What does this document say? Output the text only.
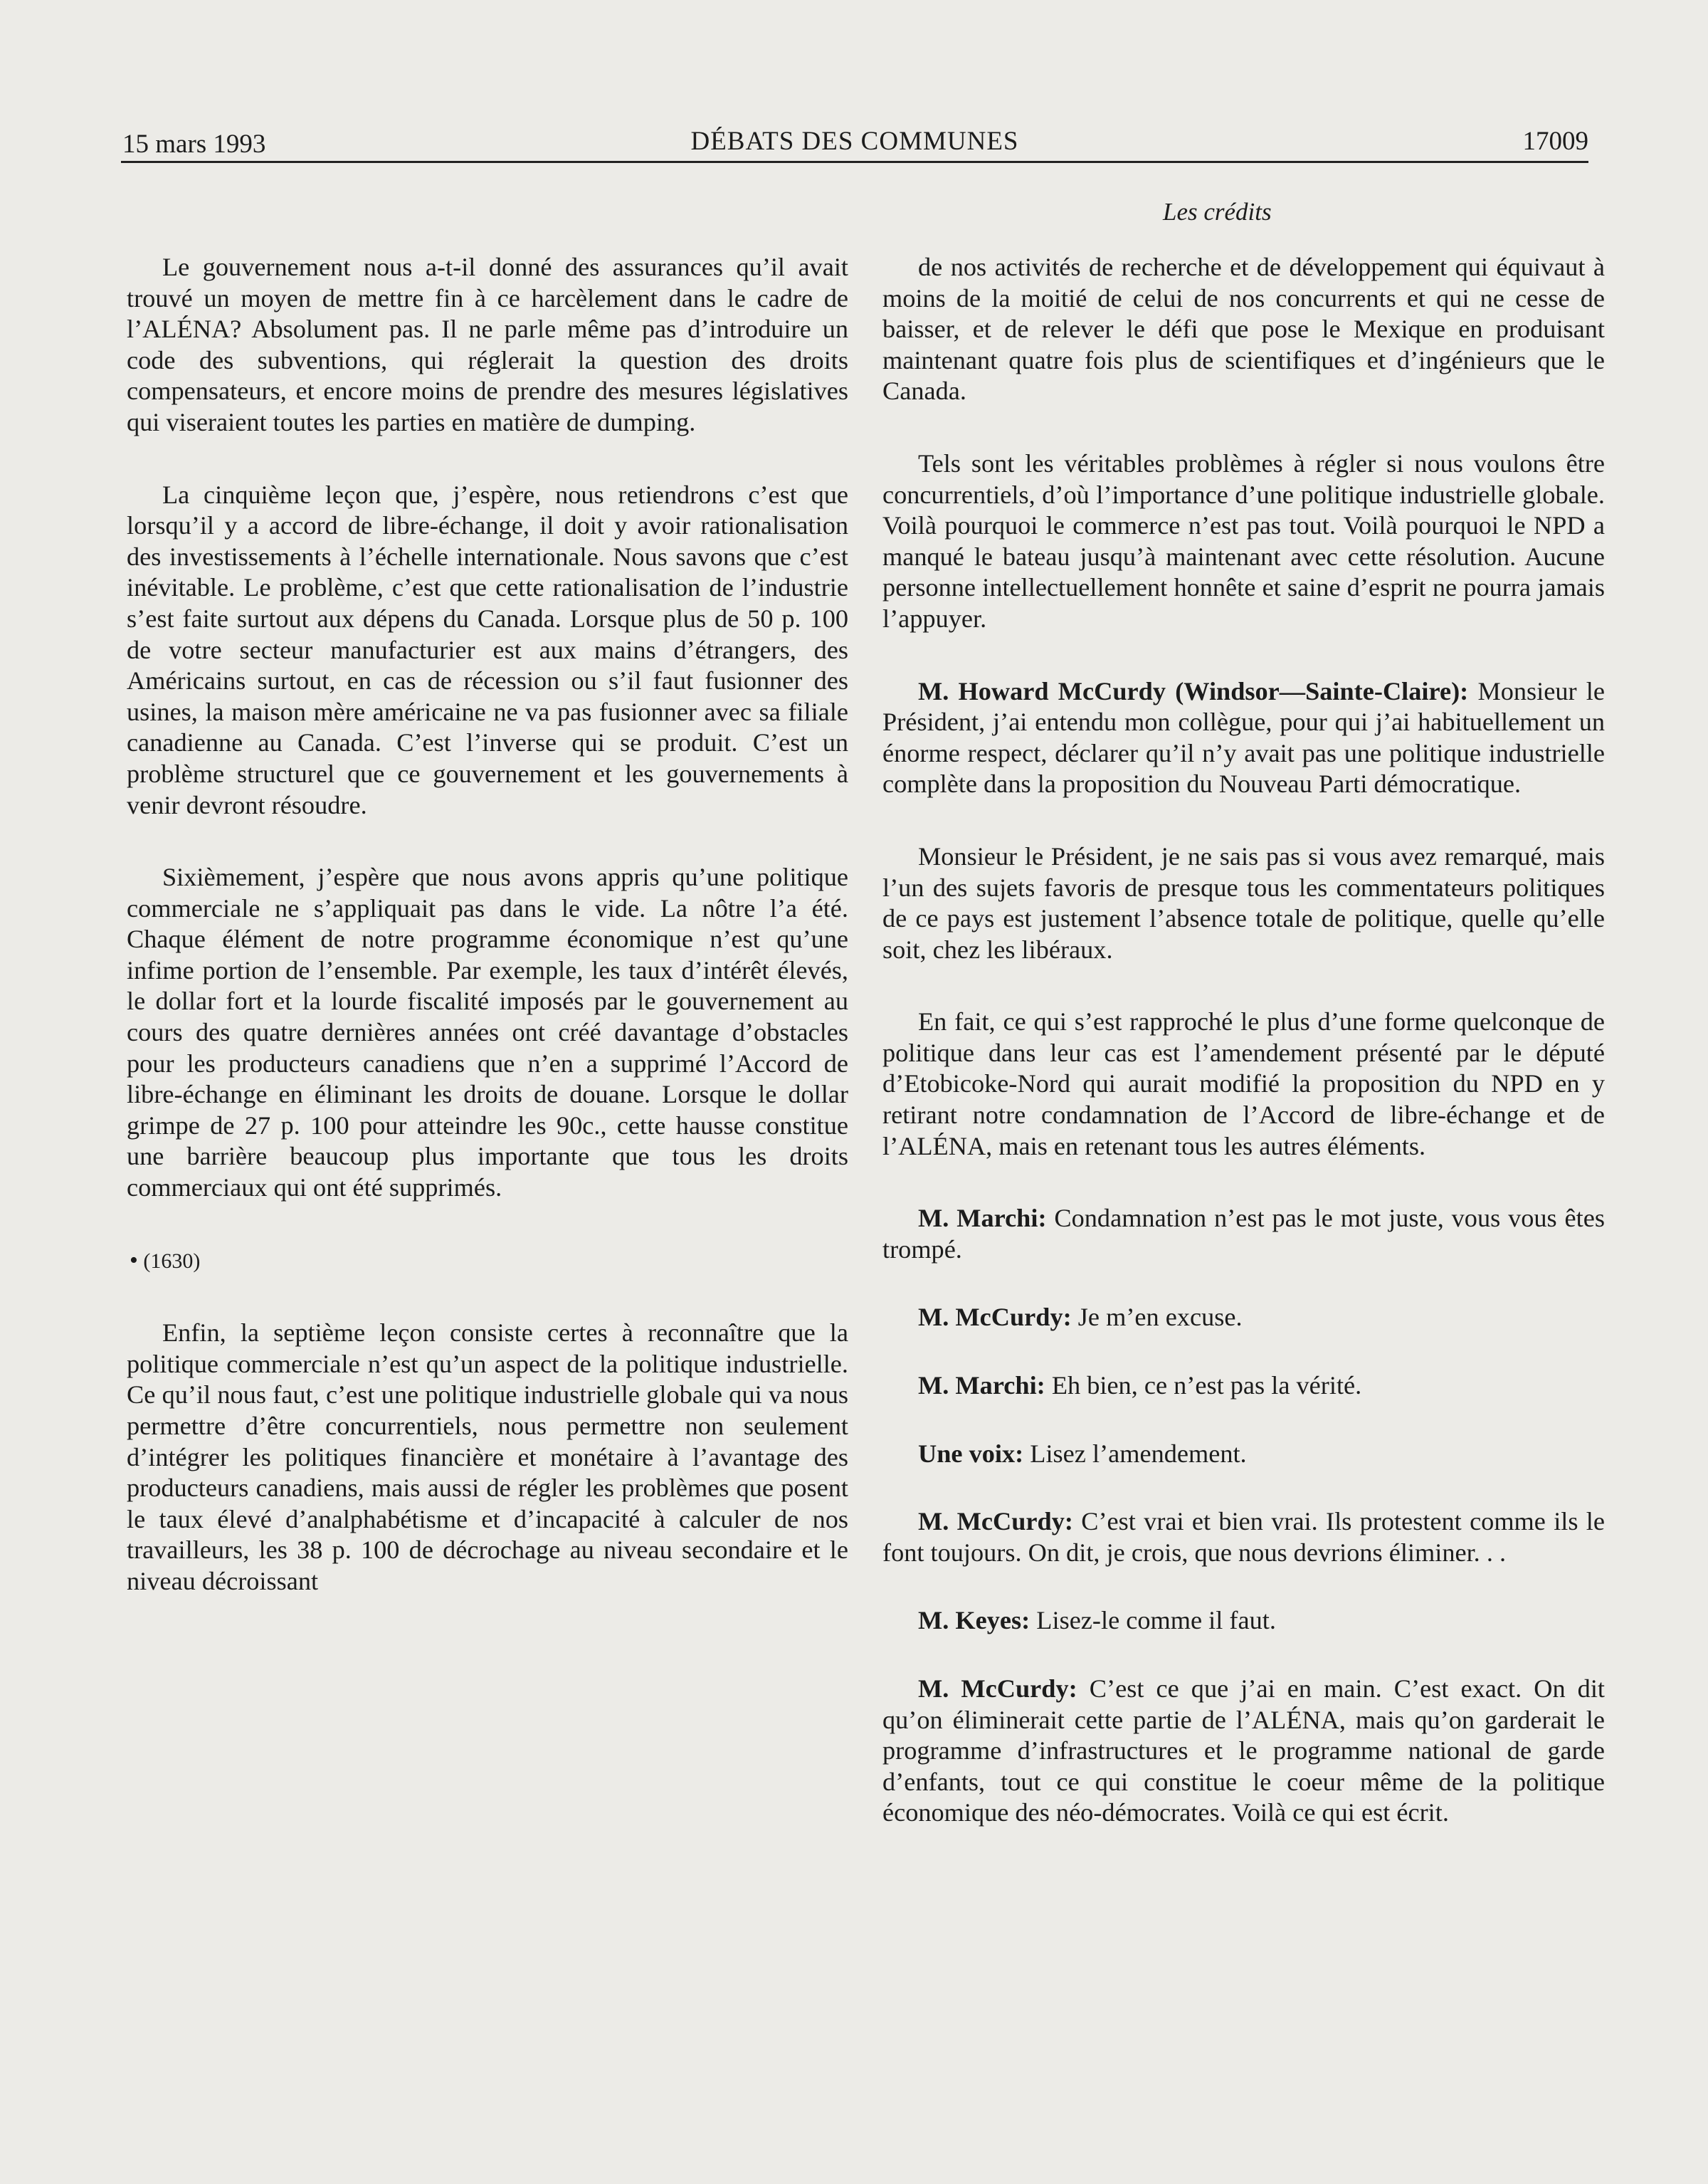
15 mars 1993	DÉBATS DES COMMUNES	17009
Les crédits

Le gouvernement nous a-t-il donné des assurances qu’il avait trouvé un moyen de mettre fin à ce harcèlement dans le cadre de l’ALÉNA? Absolument pas. Il ne parle même pas d’introduire un code des subventions, qui réglerait la question des droits compensateurs, et encore moins de prendre des mesures législatives qui viseraient toutes les parties en matière de dumping.

La cinquième leçon que, j’espère, nous retiendrons c’est que lorsqu’il y a accord de libre-échange, il doit y avoir rationalisation des investissements à l’échelle internationale. Nous savons que c’est inévitable. Le problème, c’est que cette rationalisation de l’industrie s’est faite surtout aux dépens du Canada. Lorsque plus de 50 p. 100 de votre secteur manufacturier est aux mains d’étrangers, des Américains surtout, en cas de récession ou s’il faut fusionner des usines, la maison mère américaine ne va pas fusionner avec sa filiale canadienne au Canada. C’est l’inverse qui se produit. C’est un problème structurel que ce gouvernement et les gouvernements à venir devront résoudre.

Sixièmement, j’espère que nous avons appris qu’une politique commerciale ne s’appliquait pas dans le vide. La nôtre l’a été. Chaque élément de notre programme économique n’est qu’une infime portion de l’ensemble. Par exemple, les taux d’intérêt élevés, le dollar fort et la lourde fiscalité imposés par le gouvernement au cours des quatre dernières années ont créé davantage d’obstacles pour les producteurs canadiens que n’en a supprimé l’Accord de libre-échange en éliminant les droits de douane. Lorsque le dollar grimpe de 27 p. 100 pour atteindre les 90c., cette hausse constitue une barrière beaucoup plus importante que tous les droits commerciaux qui ont été supprimés.

• (1630)

Enfin, la septième leçon consiste certes à reconnaître que la politique commerciale n’est qu’un aspect de la politique industrielle. Ce qu’il nous faut, c’est une politique industrielle globale qui va nous permettre d’être concurrentiels, nous permettre non seulement d’intégrer les politiques financière et monétaire à l’avantage des producteurs canadiens, mais aussi de régler les problèmes que posent le taux élevé d’analphabétisme et d’incapacité à calculer de nos travailleurs, les 38 p. 100 de décrochage au niveau secondaire et le niveau décroissant

de nos activités de recherche et de développement qui équivaut à moins de la moitié de celui de nos concurrents et qui ne cesse de baisser, et de relever le défi que pose le Mexique en produisant maintenant quatre fois plus de scientifiques et d’ingénieurs que le Canada.

Tels sont les véritables problèmes à régler si nous voulons être concurrentiels, d’où l’importance d’une politique industrielle globale. Voilà pourquoi le commerce n’est pas tout. Voilà pourquoi le NPD a manqué le bateau jusqu’à maintenant avec cette résolution. Aucune personne intellectuellement honnête et saine d’esprit ne pourra jamais l’appuyer.

M. Howard McCurdy (Windsor—Sainte-Claire): Monsieur le Président, j’ai entendu mon collègue, pour qui j’ai habituellement un énorme respect, déclarer qu’il n’y avait pas une politique industrielle complète dans la proposition du Nouveau Parti démocratique.

Monsieur le Président, je ne sais pas si vous avez remarqué, mais l’un des sujets favoris de presque tous les commentateurs politiques de ce pays est justement l’absence totale de politique, quelle qu’elle soit, chez les libéraux.

En fait, ce qui s’est rapproché le plus d’une forme quelconque de politique dans leur cas est l’amendement présenté par le député d’Etobicoke-Nord qui aurait modifié la proposition du NPD en y retirant notre condamnation de l’Accord de libre-échange et de l’ALÉNA, mais en retenant tous les autres éléments.

M. Marchi: Condamnation n’est pas le mot juste, vous vous êtes trompé.

M. McCurdy: Je m’en excuse.

M. Marchi: Eh bien, ce n’est pas la vérité.

Une voix: Lisez l’amendement.

M. McCurdy: C’est vrai et bien vrai. Ils protestent comme ils le font toujours. On dit, je crois, que nous devrions éliminer. . .

M. Keyes: Lisez-le comme il faut.

M. McCurdy: C’est ce que j’ai en main. C’est exact. On dit qu’on éliminerait cette partie de l’ALÉNA, mais qu’on garderait le programme d’infrastructures et le programme national de garde d’enfants, tout ce qui constitue le coeur même de la politique économique des néo-démocrates. Voilà ce qui est écrit.
